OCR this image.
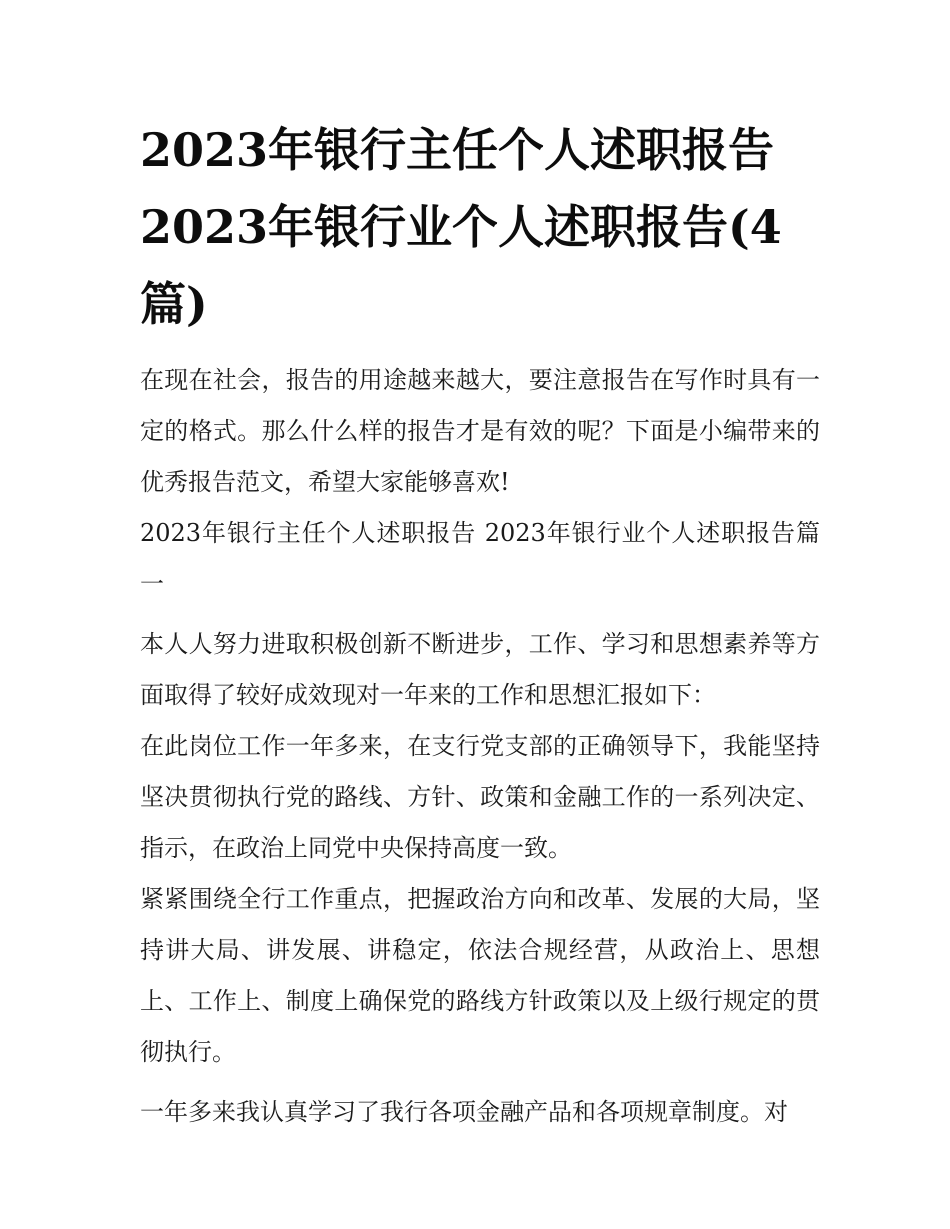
2023年银行主任个人述职报告 2023年银行业个人述职报告(4篇)

在现在社会，报告的用途越来越大，要注意报告在写作时具有一定的格式。那么什么样的报告才是有效的呢？下面是小编带来的优秀报告范文，希望大家能够喜欢!

2023年银行主任个人述职报告 2023年银行业个人述职报告篇一

本人人努力进取积极创新不断进步，工作、学习和思想素养等方面取得了较好成效现对一年来的工作和思想汇报如下：

在此岗位工作一年多来，在支行党支部的正确领导下，我能坚持坚决贯彻执行党的路线、方针、政策和金融工作的一系列决定、指示，在政治上同党中央保持高度一致。

紧紧围绕全行工作重点，把握政治方向和改革、发展的大局，坚持讲大局、讲发展、讲稳定，依法合规经营，从政治上、思想上、工作上、制度上确保党的路线方针政策以及上级行规定的贯彻执行。

一年多来我认真学习了我行各项金融产品和各项规章制度。对
